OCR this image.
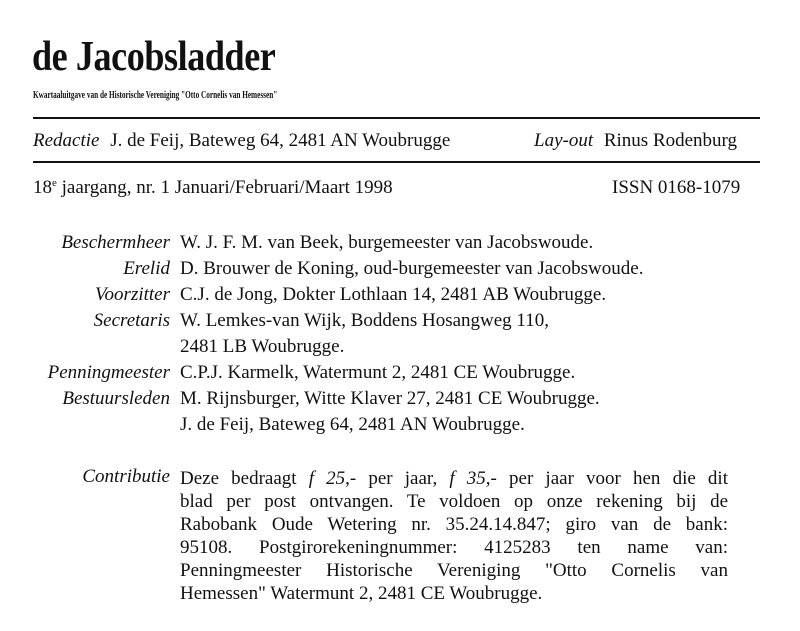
de Jacobsladder
Kwartaaluitgave van de Historische Vereniging "Otto Cornelis van Hemessen"
Redactie J. de Feij, Bateweg 64, 2481 AN Woubrugge	Lay-out Rinus Rodenburg
18e jaargang, nr. 1 Januari/Februari/Maart 1998	ISSN 0168-1079
Beschermheer W. J. F. M. van Beek, burgemeester van Jacobswoude.
Erelid D. Brouwer de Koning, oud-burgemeester van Jacobswoude.
Voorzitter C.J. de Jong, Dokter Lothlaan 14, 2481 AB Woubrugge.
Secretaris W. Lemkes-van Wijk, Boddens Hosangweg 110,
2481 LB Woubrugge.
Penningmeester C.P.J. Karmelk, Watermunt 2, 2481 CE Woubrugge.
Bestuursleden M. Rijnsburger, Witte Klaver 27, 2481 CE Woubrugge.
J. de Feij, Bateweg 64, 2481 AN Woubrugge.
Contributie Deze bedraagt f 25,- per jaar, f 35,- per jaar voor hen die dit
blad per post ontvangen. Te voldoen op onze rekening bij de
Rabobank Oude Wetering nr. 35.24.14.847; giro van de bank:
95108. Postgirorekeningnummer: 4125283 ten name van:
Penningmeester Historische Vereniging "Otto Cornelis van
Hemessen" Watermunt 2, 2481 CE Woubrugge.
